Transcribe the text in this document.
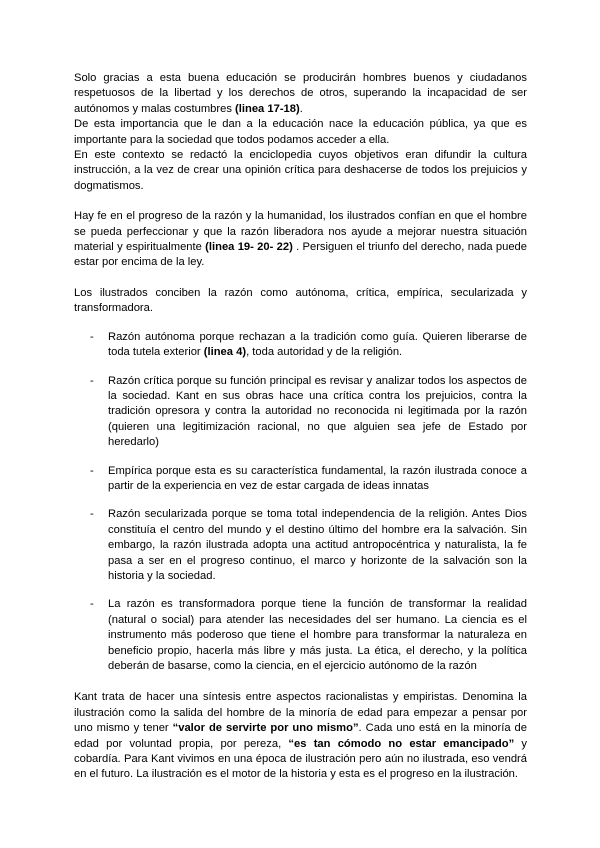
Solo gracias a esta buena educación se producirán hombres buenos y ciudadanos respetuosos de la libertad y los derechos de otros, superando la incapacidad de ser autónomos y malas costumbres (linea 17-18).

De esta importancia que le dan a la educación nace la educación pública, ya que es importante para la sociedad que todos podamos acceder a ella.

En este contexto se redactó la enciclopedia cuyos objetivos eran difundir la cultura instrucción, a la vez de crear una opinión crítica para deshacerse de todos los prejuicios y dogmatismos.

Hay fe en el progreso de la razón y la humanidad, los ilustrados confían en que el hombre se pueda perfeccionar y que la razón liberadora nos ayude a mejorar nuestra situación material y espiritualmente (linea 19- 20- 22) . Persiguen el triunfo del derecho, nada puede estar por encima de la ley.

Los ilustrados conciben la razón como autónoma, crítica, empírica, secularizada y transformadora.

- Razón autónoma porque rechazan a la tradición como guía. Quieren liberarse de toda tutela exterior (linea 4), toda autoridad y de la religión.
- Razón crítica porque su función principal es revisar y analizar todos los aspectos de la sociedad. Kant en sus obras hace una crítica contra los prejuicios, contra la tradición opresora y contra la autoridad no reconocida ni legitimada por la razón (quieren una legitimización racional, no que alguien sea jefe de Estado por heredarlo)
- Empírica porque esta es su característica fundamental, la razón ilustrada conoce a partir de la experiencia en vez de estar cargada de ideas innatas
- Razón secularizada porque se toma total independencia de la religión. Antes Dios constituía el centro del mundo y el destino último del hombre era la salvación. Sin embargo, la razón ilustrada adopta una actitud antropocéntrica y naturalista, la fe pasa a ser en el progreso continuo, el marco y horizonte de la salvación son la historia y la sociedad.
- La razón es transformadora porque tiene la función de transformar la realidad (natural o social) para atender las necesidades del ser humano. La ciencia es el instrumento más poderoso que tiene el hombre para transformar la naturaleza en beneficio propio, hacerla más libre y más justa. La ética, el derecho, y la política deberán de basarse, como la ciencia, en el ejercicio autónomo de la razón

Kant trata de hacer una síntesis entre aspectos racionalistas y empiristas. Denomina la ilustración como la salida del hombre de la minoría de edad para empezar a pensar por uno mismo y tener “valor de servirte por uno mismo”. Cada uno está en la minoría de edad por voluntad propia, por pereza, “es tan cómodo no estar emancipado” y cobardía. Para Kant vivimos en una época de ilustración pero aún no ilustrada, eso vendrá en el futuro. La ilustración es el motor de la historia y esta es el progreso en la ilustración.
